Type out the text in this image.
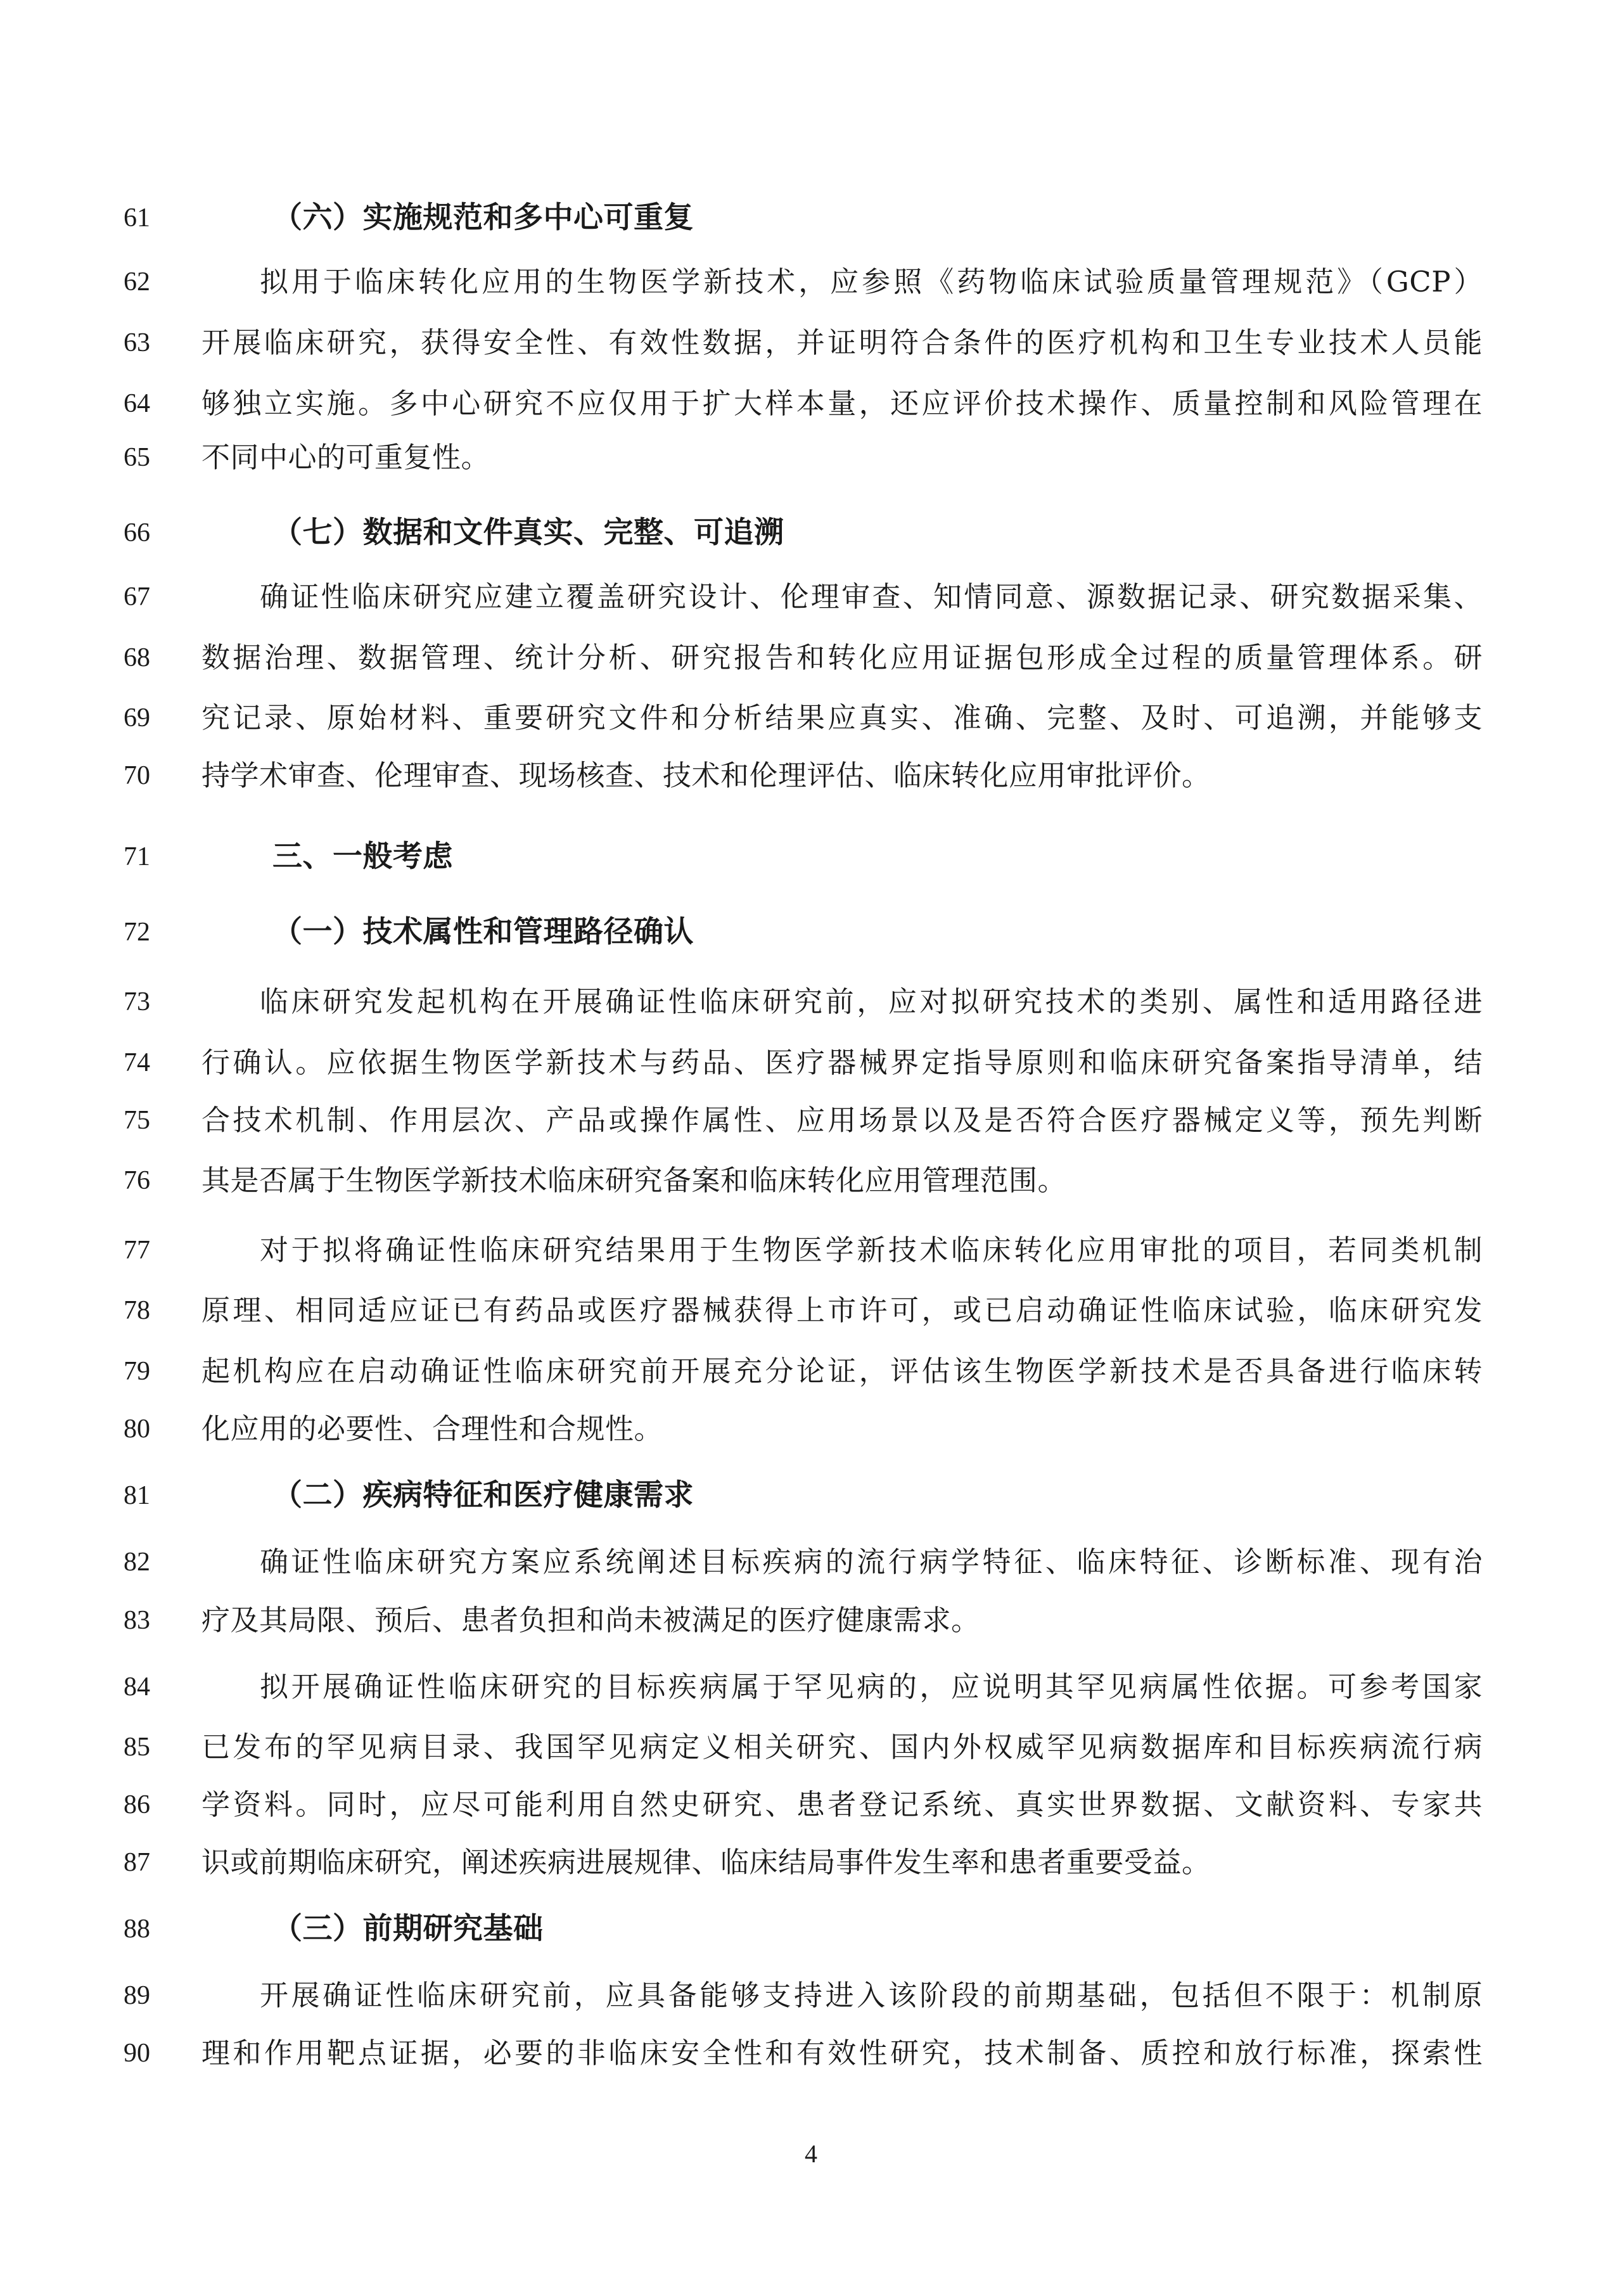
61	（六）实施规范和多中心可重复
62	拟用于临床转化应用的生物医学新技术，应参照《药物临床试验质量管理规范》（GCP）
63	开展临床研究，获得安全性、有效性数据，并证明符合条件的医疗机构和卫生专业技术人员能
64	够独立实施。多中心研究不应仅用于扩大样本量，还应评价技术操作、质量控制和风险管理在
65	不同中心的可重复性。
66	（七）数据和文件真实、完整、可追溯
67	确证性临床研究应建立覆盖研究设计、伦理审查、知情同意、源数据记录、研究数据采集、
68	数据治理、数据管理、统计分析、研究报告和转化应用证据包形成全过程的质量管理体系。研
69	究记录、原始材料、重要研究文件和分析结果应真实、准确、完整、及时、可追溯，并能够支
70	持学术审查、伦理审查、现场核查、技术和伦理评估、临床转化应用审批评价。
71	三、一般考虑
72	（一）技术属性和管理路径确认
73	临床研究发起机构在开展确证性临床研究前，应对拟研究技术的类别、属性和适用路径进
74	行确认。应依据生物医学新技术与药品、医疗器械界定指导原则和临床研究备案指导清单，结
75	合技术机制、作用层次、产品或操作属性、应用场景以及是否符合医疗器械定义等，预先判断
76	其是否属于生物医学新技术临床研究备案和临床转化应用管理范围。
77	对于拟将确证性临床研究结果用于生物医学新技术临床转化应用审批的项目，若同类机制
78	原理、相同适应证已有药品或医疗器械获得上市许可，或已启动确证性临床试验，临床研究发
79	起机构应在启动确证性临床研究前开展充分论证，评估该生物医学新技术是否具备进行临床转
80	化应用的必要性、合理性和合规性。
81	（二）疾病特征和医疗健康需求
82	确证性临床研究方案应系统阐述目标疾病的流行病学特征、临床特征、诊断标准、现有治
83	疗及其局限、预后、患者负担和尚未被满足的医疗健康需求。
84	拟开展确证性临床研究的目标疾病属于罕见病的，应说明其罕见病属性依据。可参考国家
85	已发布的罕见病目录、我国罕见病定义相关研究、国内外权威罕见病数据库和目标疾病流行病
86	学资料。同时，应尽可能利用自然史研究、患者登记系统、真实世界数据、文献资料、专家共
87	识或前期临床研究，阐述疾病进展规律、临床结局事件发生率和患者重要受益。
88	（三）前期研究基础
89	开展确证性临床研究前，应具备能够支持进入该阶段的前期基础，包括但不限于：机制原
90	理和作用靶点证据，必要的非临床安全性和有效性研究，技术制备、质控和放行标准，探索性
4
